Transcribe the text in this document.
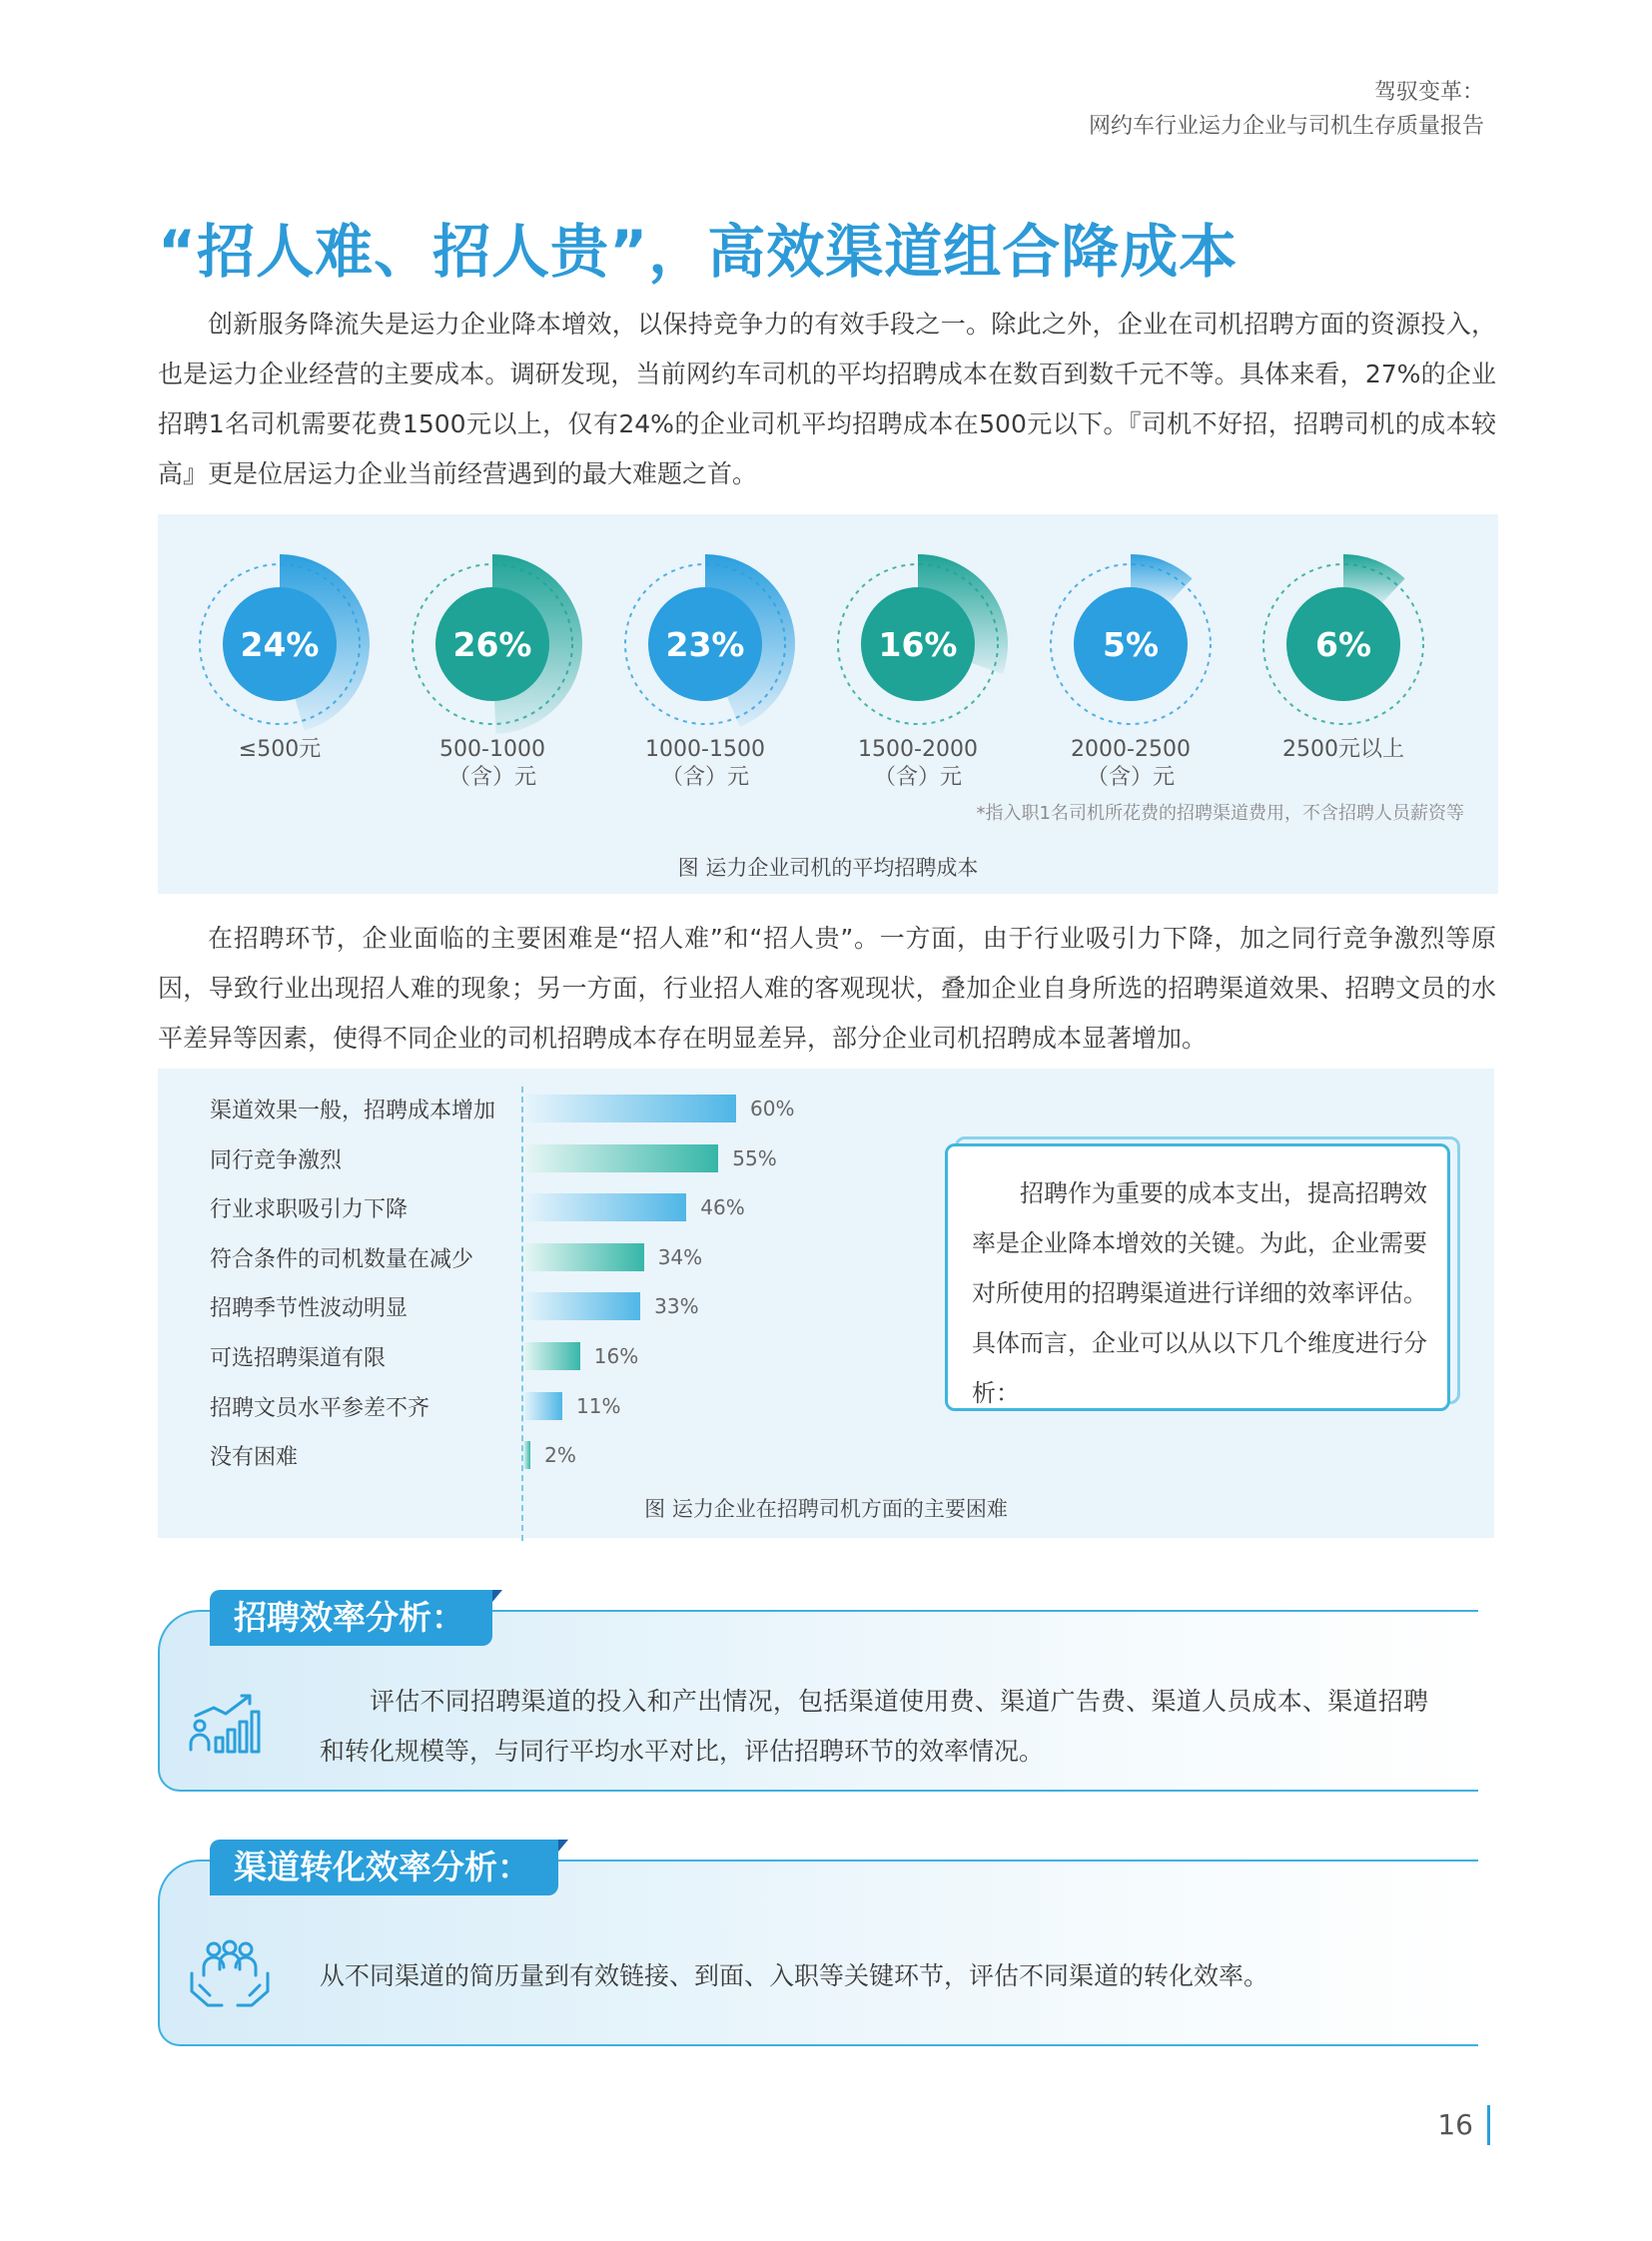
驾驭变革：
网约车行业运力企业与司机生存质量报告
“招人难、招人贵”，高效渠道组合降成本
创新服务降流失是运力企业降本增效，以保持竞争力的有效手段之一。除此之外，企业在司机招聘方面的资源投入，也是运力企业经营的主要成本。调研发现，当前网约车司机的平均招聘成本在数百到数千元不等。具体来看，27%的企业招聘1名司机需要花费1500元以上，仅有24%的企业司机平均招聘成本在500元以下。『司机不好招，招聘司机的成本较高』更是位居运力企业当前经营遇到的最大难题之首。
24%
≤500元
26%
500-1000
（含）元
23%
1000-1500
（含）元
16%
1500-2000
（含）元
5%
2000-2500
（含）元
6%
2500元以上
*指入职1名司机所花费的招聘渠道费用，不含招聘人员薪资等
图 运力企业司机的平均招聘成本
在招聘环节，企业面临的主要困难是“招人难”和“招人贵”。一方面，由于行业吸引力下降，加之同行竞争激烈等原因，导致行业出现招人难的现象；另一方面，行业招人难的客观现状，叠加企业自身所选的招聘渠道效果、招聘文员的水平差异等因素，使得不同企业的司机招聘成本存在明显差异，部分企业司机招聘成本显著增加。
渠道效果一般，招聘成本增加	60%
同行竞争激烈	55%
行业求职吸引力下降	46%
符合条件的司机数量在减少	34%
招聘季节性波动明显	33%
可选招聘渠道有限	16%
招聘文员水平参差不齐	11%
没有困难	2%
招聘作为重要的成本支出，提高招聘效率是企业降本增效的关键。为此，企业需要对所使用的招聘渠道进行详细的效率评估。具体而言，企业可以从以下几个维度进行分析：
图 运力企业在招聘司机方面的主要困难
招聘效率分析：
评估不同招聘渠道的投入和产出情况，包括渠道使用费、渠道广告费、渠道人员成本、渠道招聘和转化规模等，与同行平均水平对比，评估招聘环节的效率情况。
渠道转化效率分析：
从不同渠道的简历量到有效链接、到面、入职等关键环节，评估不同渠道的转化效率。
16
